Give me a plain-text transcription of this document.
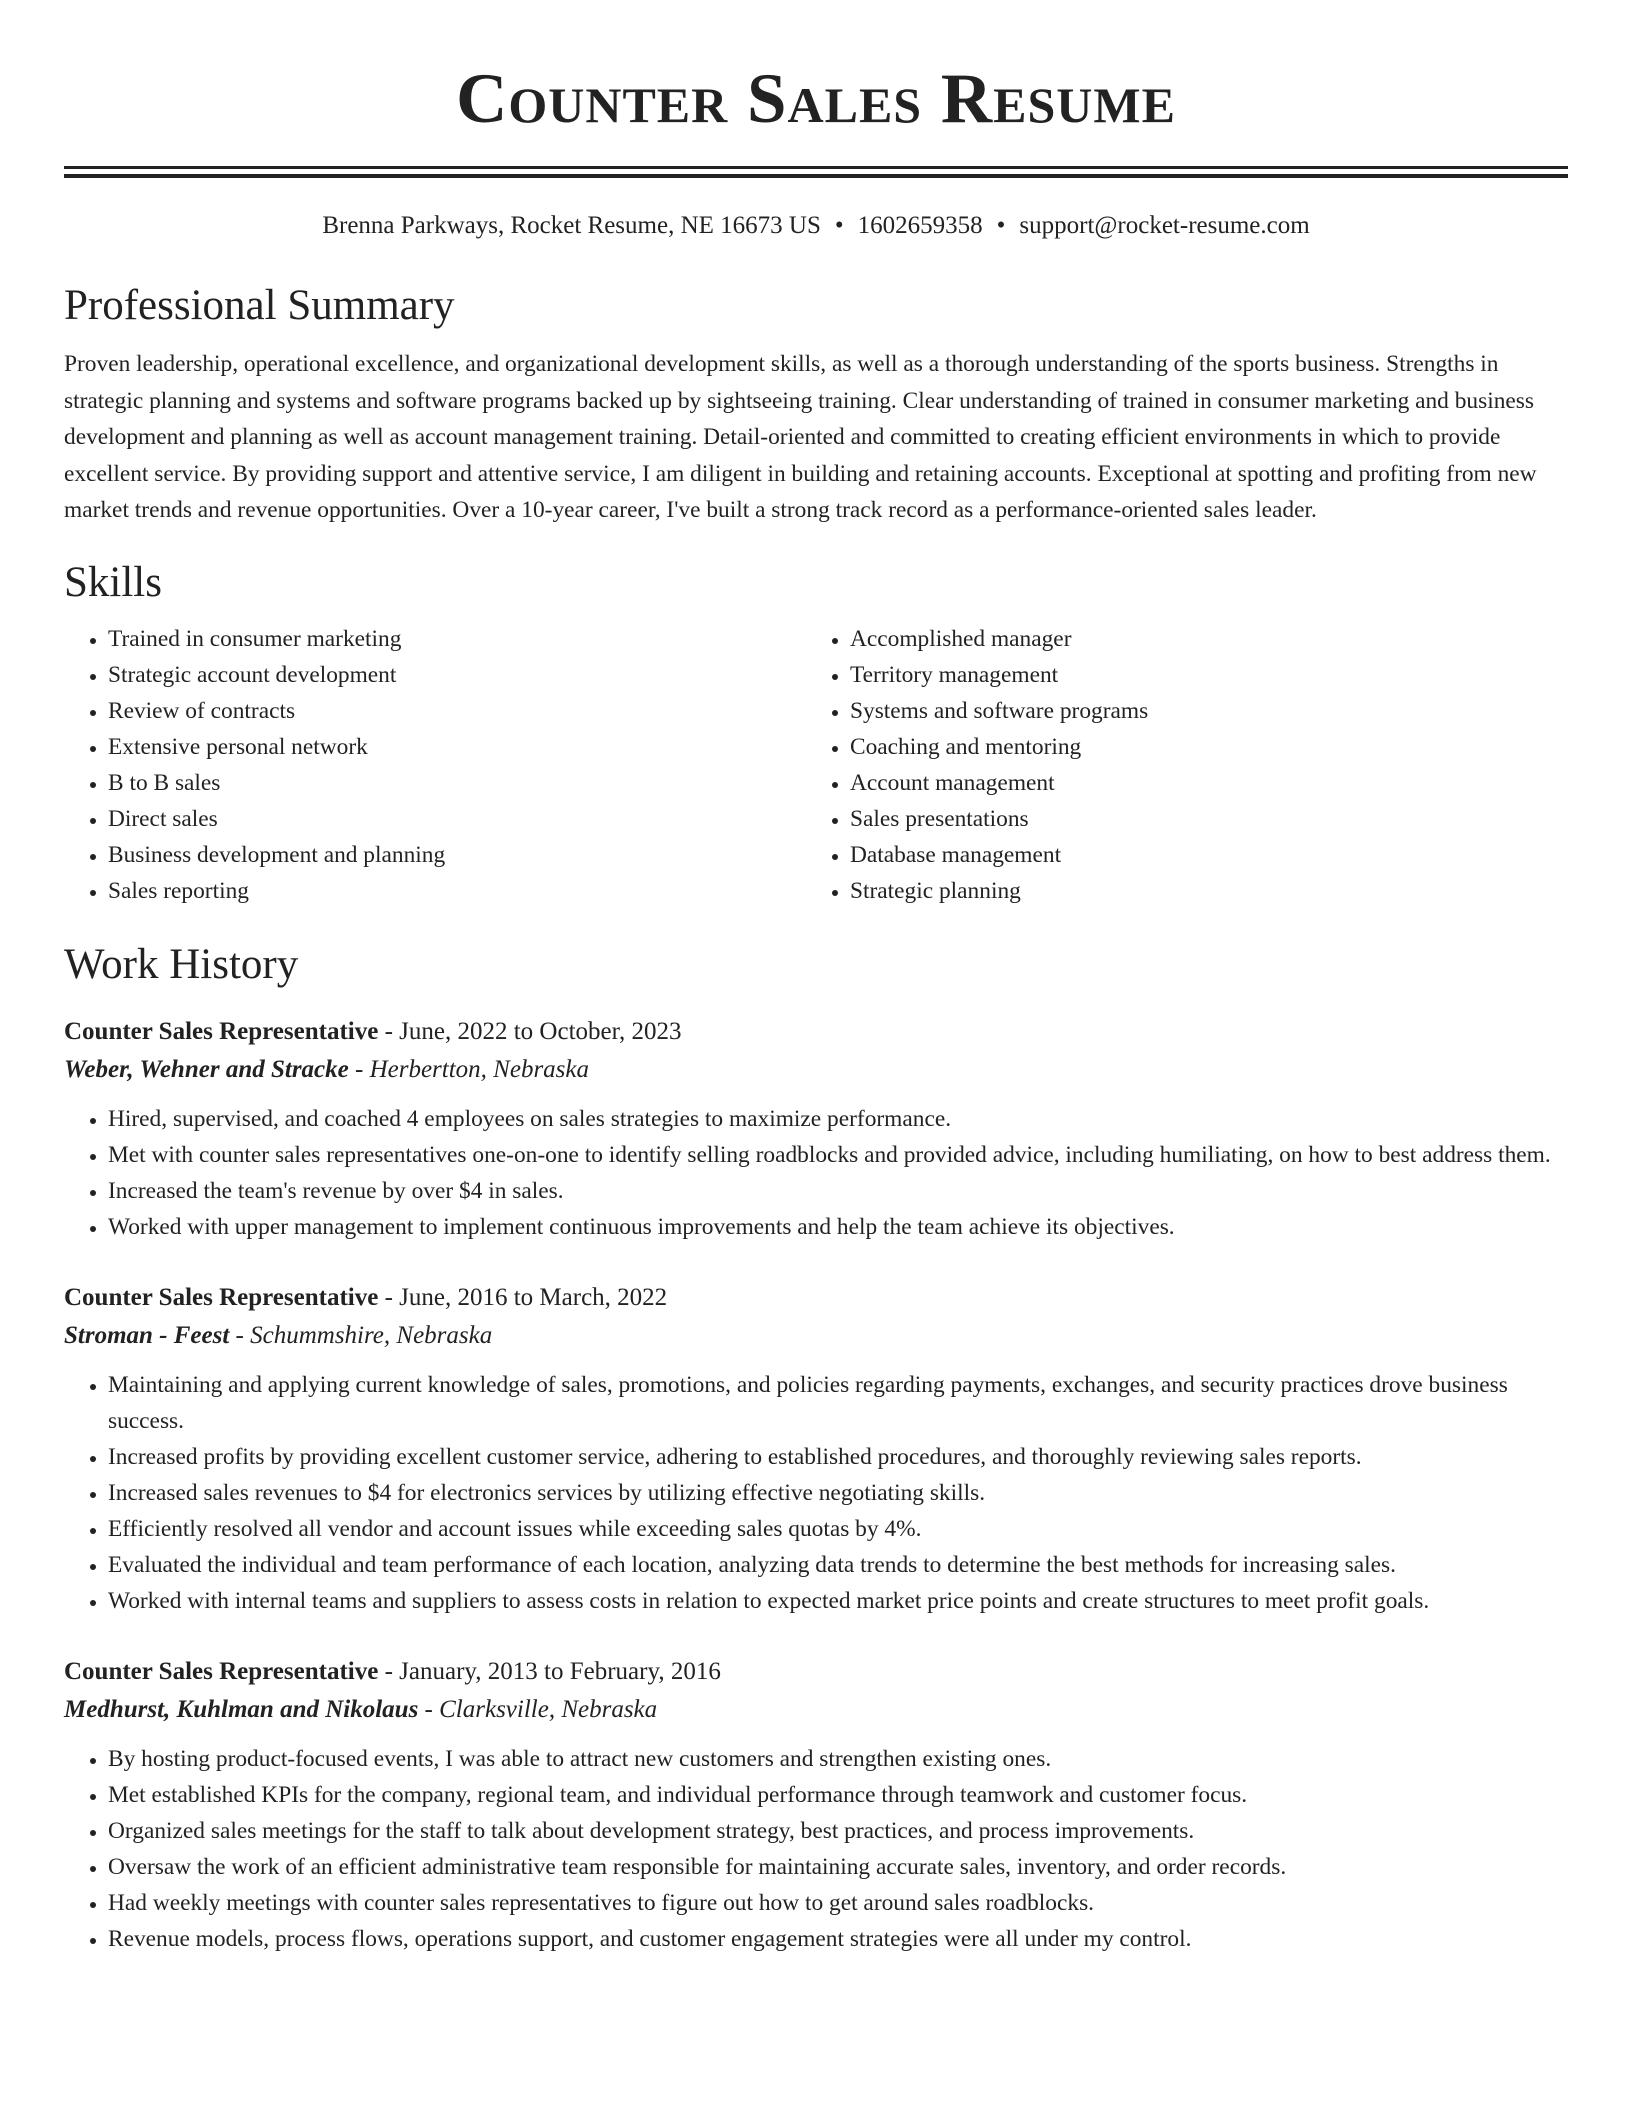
Counter Sales Resume
Brenna Parkways, Rocket Resume, NE 16673 US • 1602659358 • support@rocket-resume.com
Professional Summary

Proven leadership, operational excellence, and organizational development skills, as well as a thorough understanding of the sports business. Strengths in strategic planning and systems and software programs backed up by sightseeing training. Clear understanding of trained in consumer marketing and business development and planning as well as account management training. Detail-oriented and committed to creating efficient environments in which to provide excellent service. By providing support and attentive service, I am diligent in building and retaining accounts. Exceptional at spotting and profiting from new market trends and revenue opportunities. Over a 10-year career, I've built a strong track record as a performance-oriented sales leader.

Skills
• Trained in consumer marketing
• Strategic account development
• Review of contracts
• Extensive personal network
• B to B sales
• Direct sales
• Business development and planning
• Sales reporting
• Accomplished manager
• Territory management
• Systems and software programs
• Coaching and mentoring
• Account management
• Sales presentations
• Database management
• Strategic planning
Work History
Counter Sales Representative - June, 2022 to October, 2023
Weber, Wehner and Stracke - Herbertton, Nebraska
• Hired, supervised, and coached 4 employees on sales strategies to maximize performance.
• Met with counter sales representatives one-on-one to identify selling roadblocks and provided advice, including humiliating, on how to best address them.
• Increased the team's revenue by over $4 in sales.
• Worked with upper management to implement continuous improvements and help the team achieve its objectives.
Counter Sales Representative - June, 2016 to March, 2022
Stroman - Feest - Schummshire, Nebraska
• Maintaining and applying current knowledge of sales, promotions, and policies regarding payments, exchanges, and security practices drove business success.
• Increased profits by providing excellent customer service, adhering to established procedures, and thoroughly reviewing sales reports.
• Increased sales revenues to $4 for electronics services by utilizing effective negotiating skills.
• Efficiently resolved all vendor and account issues while exceeding sales quotas by 4%.
• Evaluated the individual and team performance of each location, analyzing data trends to determine the best methods for increasing sales.
• Worked with internal teams and suppliers to assess costs in relation to expected market price points and create structures to meet profit goals.
Counter Sales Representative - January, 2013 to February, 2016
Medhurst, Kuhlman and Nikolaus - Clarksville, Nebraska
• By hosting product-focused events, I was able to attract new customers and strengthen existing ones.
• Met established KPIs for the company, regional team, and individual performance through teamwork and customer focus.
• Organized sales meetings for the staff to talk about development strategy, best practices, and process improvements.
• Oversaw the work of an efficient administrative team responsible for maintaining accurate sales, inventory, and order records.
• Had weekly meetings with counter sales representatives to figure out how to get around sales roadblocks.
• Revenue models, process flows, operations support, and customer engagement strategies were all under my control.
